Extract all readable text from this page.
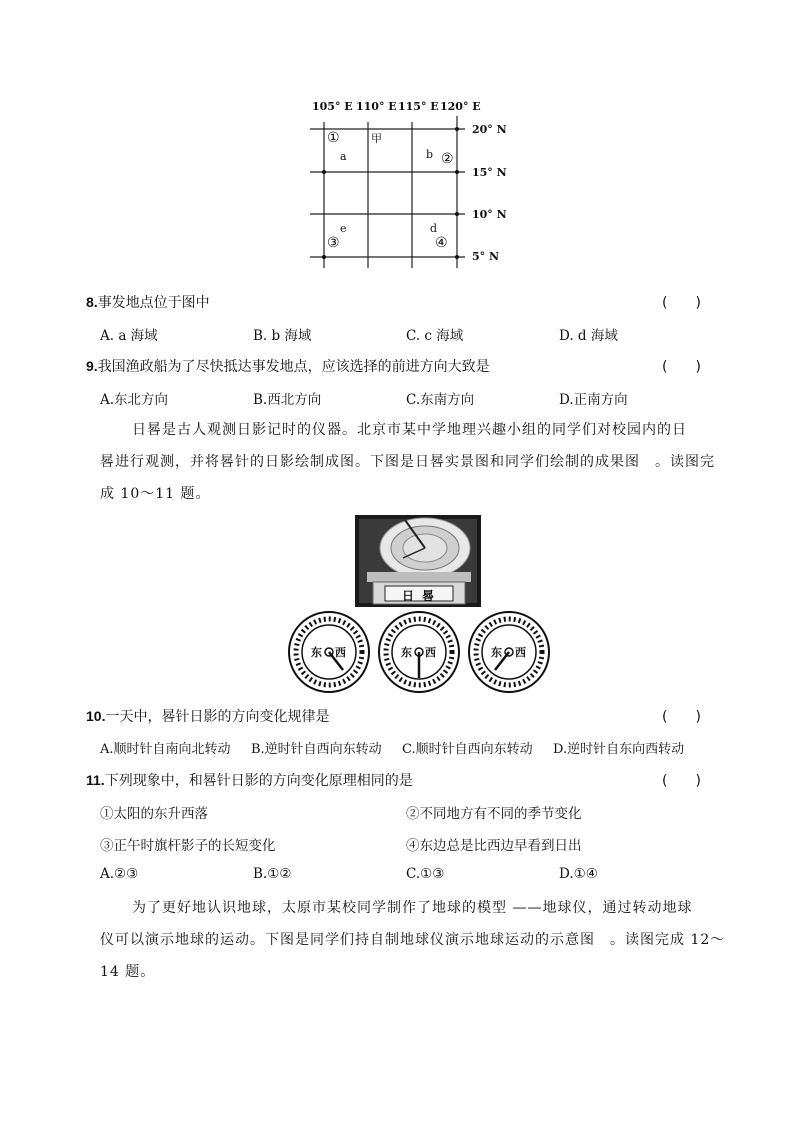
105° E 110° E 115° E 120° E
20° N
15° N
10° N
5° N
①	甲
a	b ②
e
③
d
④
8.事发地点位于图中	(　　)
A. a 海域	B. b 海域	C. c 海域	D. d 海域
9.我国渔政船为了尽快抵达事发地点，应该选择的前进方向大致是	(　　)
A.东北方向	B.西北方向	C.东南方向	D.正南方向
日晷是古人观测日影记时的仪器。北京市某中学地理兴趣小组的同学们对校园内的日
晷进行观测，并将晷针的日影绘制成图。下图是日晷实景图和同学们绘制的成果图　。读图完
成 10～11 题。
日晷
东 西	东 西	东 西
10.一天中，晷针日影的方向变化规律是	(　　)
A.顺时针自南向北转动 B.逆时针自西向东转动 C.顺时针自西向东转动 D.逆时针自东向西转动
11.下列现象中，和晷针日影的方向变化原理相同的是	(　　)
①太阳的东升西落	②不同地方有不同的季节变化
③正午时旗杆影子的长短变化	④东边总是比西边早看到日出
A.②③	B.①②	C.①③	D.①④
为了更好地认识地球，太原市某校同学制作了地球的模型 ——地球仪，通过转动地球
仪可以演示地球的运动。下图是同学们持自制地球仪演示地球运动的示意图　。读图完成 12～
14 题。
